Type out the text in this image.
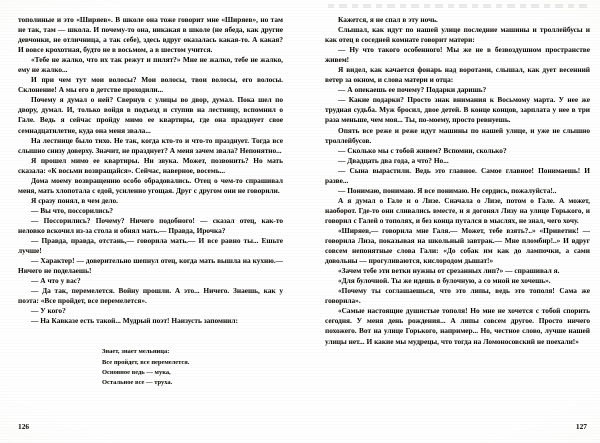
тополиные и это «Ширяев». В школе она тоже говорит мне «Ширяев», но там не так, там — школа. И почему-то она, никакая в школе (не ябеда, как другие девчонки, не отличница, а так себе), здесь вдруг оказалась какая-то. А какая? И вовсе крохотная, будто не в восьмом, а в шестом учится.

«Тебе не жалко, что их так режут и пилят?» Мне не жалко, тебе не жалко, ему не жалко...

И при чем тут мои волосы? Мои волосы, твои волосы, его волосы. Склонение! А мы его в детстве проходили...

Почему я думал о ней? Свернув с улицы во двор, думал. Пока шел по двору, думал. И, только войдя в подъезд и ступив на лестницу, вспомнил о Гале. Ведь я сейчас пройду мимо ее квартиры, где она празднует свое семнадцатилетие, куда она меня звала...

На лестнице было тихо. Не так, когда кто-то и что-то празднует. Тогда все слышно снизу доверху. Значит, не празднует? А меня зачем звала? Непонятно...

Я прошел мимо ее квартиры. Ни звука. Может, позвонить? Но мать сказала: «К восьми возвращайся». Сейчас, наверное, восемь...

Дома моему возвращению особо обрадовались. Отец о чем-то спрашивал меня, мать хлопотала с едой, усиленно угощая. Друг с другом они не говорили.

Я сразу понял, в чем дело.

— Вы что, поссорились?

— Поссорились? Почему? Ничего подобного! — сказал отец, как-то неловко вскочил из-за стола и обнял мать.— Правда, Ирочка?

— Правда, правда, отстань,— говорила мать.— И все равно ты... Ешьте лучше!

— Характер! — доверительно шепнул отец, когда мать вышла на кухню.— Ничего не поделаешь!

— А что у вас?

— Да так, перемелется. Войну прошли. А это... Ничего. Знаешь, как у поэта: «Все пройдет, все перемелется».

— У кого?

— На Кавказе есть такой... Мудрый поэт! Наизусть запомнил:

Знает, знает мельница:
Все пройдет, все перемелется.
Основное ведь — мука,
Остальное все — труха.
126

Кажется, я не спал в эту ночь.

Слышал, как идут по нашей улице последние машины и троллейбусы и как отец в соседней комнате говорит матери:

— Ну что такого особенного! Мы же не в безвоздушном пространстве живем!

Я видел, как качается фонарь над воротами, слышал, как дует весенний ветер за окном, и слова матери и отца:

— А опекаешь ее почему? Подарки даришь?

— Какие подарки? Просто знак внимания к Восьмому марта. У нее же трудная судьба. Муж бросил, двое детей. В конце концов, зарплата у нее в три раза меньше, чем моя... Ты, по-моему, просто ревнуешь.

Опять все реже и реже идут машины по нашей улице, и уже не слышно троллейбусов.

— Сколько мы с тобой живем? Вспомни, сколько?

— Двадцать два года, а что? Но...

— Сына вырастили. Ведь это главное. Самое главное! Понимаешь! И разве...

— Понимаю, понимаю. Я все понимаю. Не сердись, пожалуйста!..

А я думал о Гале и о Лизе. Сначала о Лизе, потом о Гале. А может, наоборот. Где-то они сливались вместе, и я догонял Лизу на улице Горького, и говорил с Галей о тополях, и без конца путался в мыслях, не знал, чего хочу.

«Ширяев,— говорила мне Галя.— Может, тебе взять?..» «Приветик! — говорила Лиза, показывая на школьный завтрак.— Мне пломбир!..» И вдруг совсем непонятные слова Гали: «До собак им как до лампочки, а сами довольны — прогуливаются, кислородом дышат!»

«Зачем тебе эти ветки нужны от срезанных лип?» — спрашивал я.

«Для булочной. Ты же идешь в булочную, а со мной не хочешь».

«Почему ты соглашаешься, что это липы, ведь это тополя! Сама же говорила».

«Самые настоящие душистые тополя! Но мне не хочется с тобой спорить сегодня. У меня день рождения... А липы совсем другое. Просто ничего похожего. Вот на улице Горького, например... Но, честное слово, лучше нашей улицы нет... И какие мы мудрецы, что тогда на Ломоносовский не поехали!»

127
